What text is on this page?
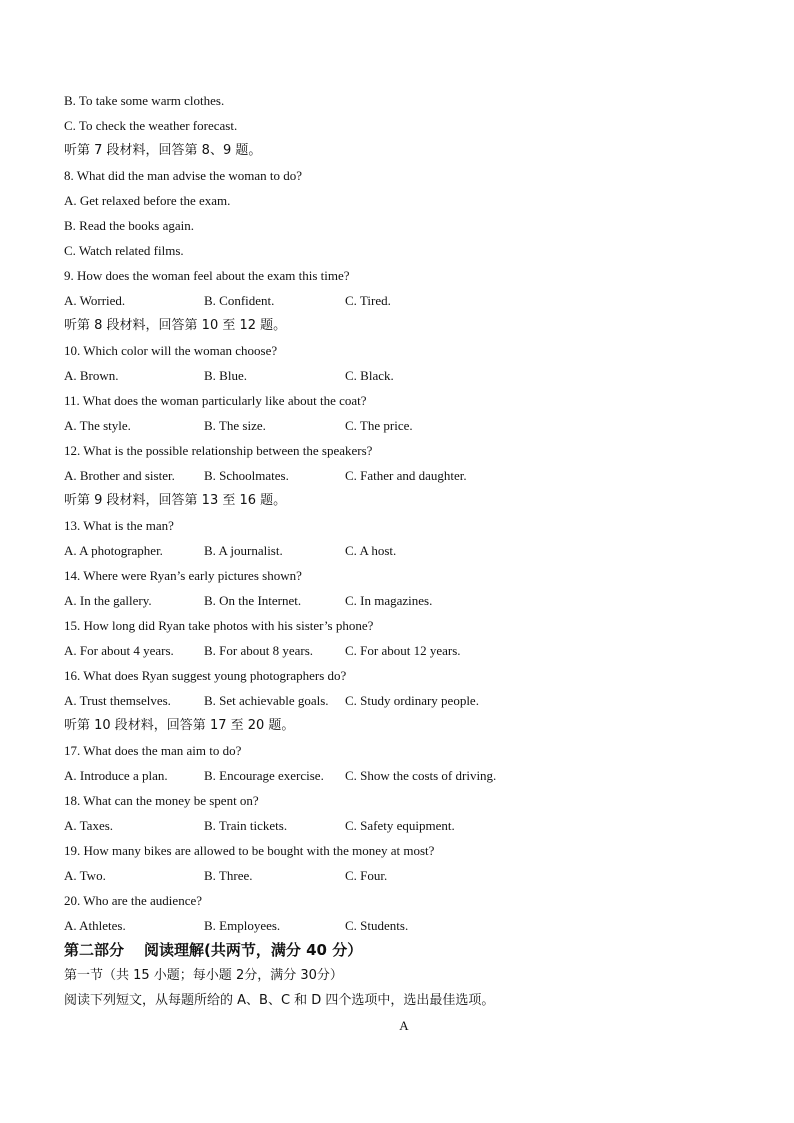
B. To take some warm clothes.
C. To check the weather forecast.
听第 7 段材料，回答第 8、9 题。
8. What did the man advise the woman to do?
A. Get relaxed before the exam.
B. Read the books again.
C. Watch related films.
9. How does the woman feel about the exam this time?
A. Worried.	B. Confident.	C. Tired.
听第 8 段材料，回答第 10 至 12 题。
10. Which color will the woman choose?
A. Brown.	B. Blue.	C. Black.
11. What does the woman particularly like about the coat?
A. The style.	B. The size.	C. The price.
12. What is the possible relationship between the speakers?
A. Brother and sister.	B. Schoolmates.	C. Father and daughter.
听第 9 段材料，回答第 13 至 16 题。
13. What is the man?
A. A photographer.	B. A journalist.	C. A host.
14. Where were Ryan’s early pictures shown?
A. In the gallery.	B. On the Internet.	C. In magazines.
15. How long did Ryan take photos with his sister’s phone?
A. For about 4 years.	B. For about 8 years.	C. For about 12 years.
16. What does Ryan suggest young photographers do?
A. Trust themselves.	B. Set achievable goals.	C. Study ordinary people.
听第 10 段材料，回答第 17 至 20 题。
17. What does the man aim to do?
A. Introduce a plan.	B. Encourage exercise.	C. Show the costs of driving.
18. What can the money be spent on?
A. Taxes.	B. Train tickets.	C. Safety equipment.
19. How many bikes are allowed to be bought with the money at most?
A. Two.	B. Three.	C. Four.
20. Who are the audience?
A. Athletes.	B. Employees.	C. Students.
第二部分 阅读理解(共两节，满分 40 分）
第一节（共 15 小题；每小题 2分，满分 30分）
阅读下列短文，从每题所给的 A、B、C 和 D 四个选项中，选出最佳选项。
A
